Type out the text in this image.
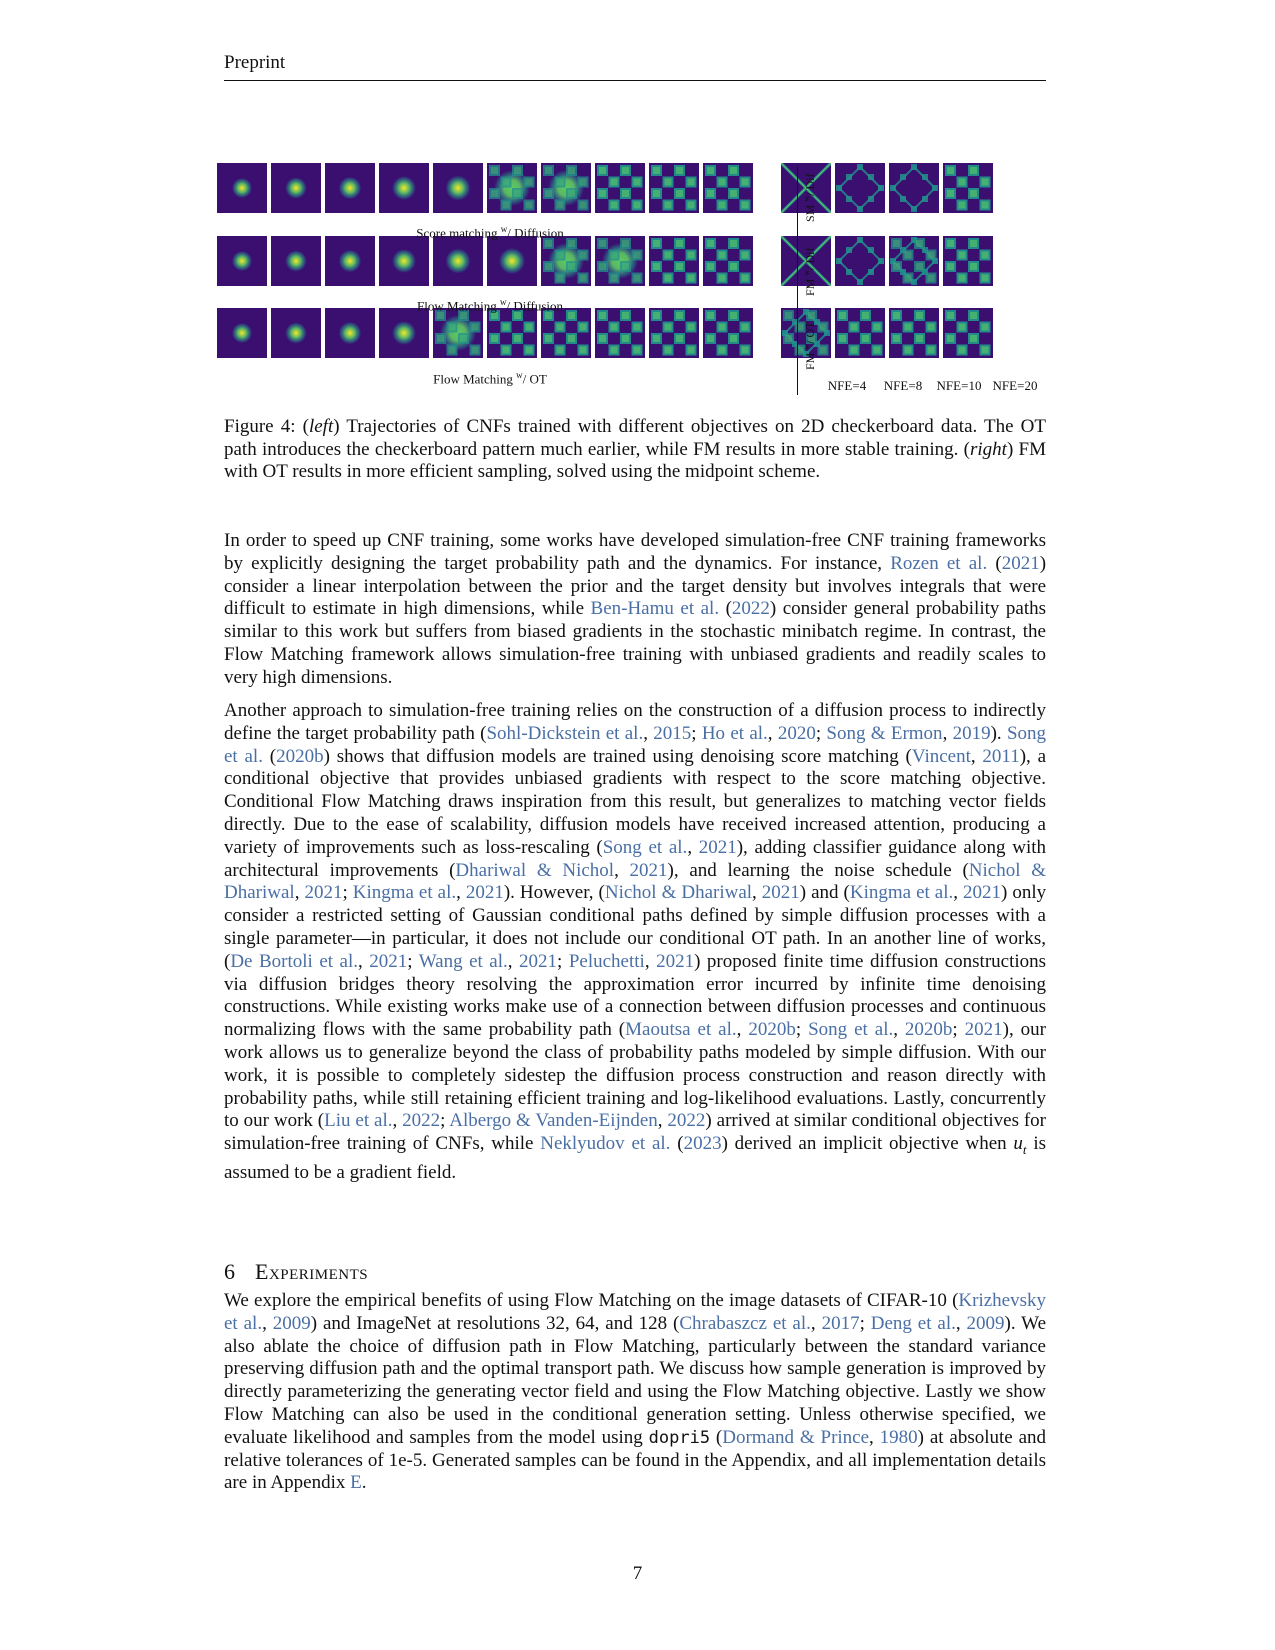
Preprint
Score matching $^w$/ Diffusion
Flow Matching $^w$/ Diffusion
Flow Matching $^w$/ OT
SM $^w$/ Dif
FM $^w$/ Dif
FM $^w$/ OT
NFE=4	NFE=8	NFE=10 NFE=20
Figure 4: (left) Trajectories of CNFs trained with different objectives on 2D checkerboard data. The OT path introduces the checkerboard pattern much earlier, while FM results in more stable training. (right) FM with OT results in more efficient sampling, solved using the midpoint scheme.

In order to speed up CNF training, some works have developed simulation-free CNF training frameworks by explicitly designing the target probability path and the dynamics. For instance, Rozen et al. (2021) consider a linear interpolation between the prior and the target density but involves integrals that were difficult to estimate in high dimensions, while Ben-Hamu et al. (2022) consider general probability paths similar to this work but suffers from biased gradients in the stochastic minibatch regime. In contrast, the Flow Matching framework allows simulation-free training with unbiased gradients and readily scales to very high dimensions.

Another approach to simulation-free training relies on the construction of a diffusion process to indirectly define the target probability path (Sohl-Dickstein et al., 2015; Ho et al., 2020; Song & Ermon, 2019). Song et al. (2020b) shows that diffusion models are trained using denoising score matching (Vincent, 2011), a conditional objective that provides unbiased gradients with respect to the score matching objective. Conditional Flow Matching draws inspiration from this result, but generalizes to matching vector fields directly. Due to the ease of scalability, diffusion models have received increased attention, producing a variety of improvements such as loss-rescaling (Song et al., 2021), adding classifier guidance along with architectural improvements (Dhariwal & Nichol, 2021), and learning the noise schedule (Nichol & Dhariwal, 2021; Kingma et al., 2021). However, (Nichol & Dhariwal, 2021) and (Kingma et al., 2021) only consider a restricted setting of Gaussian conditional paths defined by simple diffusion processes with a single parameter—in particular, it does not include our conditional OT path. In an another line of works, (De Bortoli et al., 2021; Wang et al., 2021; Peluchetti, 2021) proposed finite time diffusion constructions via diffusion bridges theory resolving the approximation error incurred by infinite time denoising constructions. While existing works make use of a connection between diffusion processes and continuous normalizing flows with the same probability path (Maoutsa et al., 2020b; Song et al., 2020b; 2021), our work allows us to generalize beyond the class of probability paths modeled by simple diffusion. With our work, it is possible to completely sidestep the diffusion process construction and reason directly with probability paths, while still retaining efficient training and log-likelihood evaluations. Lastly, concurrently to our work (Liu et al., 2022; Albergo & Vanden-Eijnden, 2022) arrived at similar conditional objectives for simulation-free training of CNFs, while Neklyudov et al. (2023) derived an implicit objective when $u_t$ is assumed to be a gradient field.

6 Experiments

We explore the empirical benefits of using Flow Matching on the image datasets of CIFAR-10 (Krizhevsky et al., 2009) and ImageNet at resolutions 32, 64, and 128 (Chrabaszcz et al., 2017; Deng et al., 2009). We also ablate the choice of diffusion path in Flow Matching, particularly between the standard variance preserving diffusion path and the optimal transport path. We discuss how sample generation is improved by directly parameterizing the generating vector field and using the Flow Matching objective. Lastly we show Flow Matching can also be used in the conditional generation setting. Unless otherwise specified, we evaluate likelihood and samples from the model using dopri5 (Dormand & Prince, 1980) at absolute and relative tolerances of 1e-5. Generated samples can be found in the Appendix, and all implementation details are in Appendix E.

7
